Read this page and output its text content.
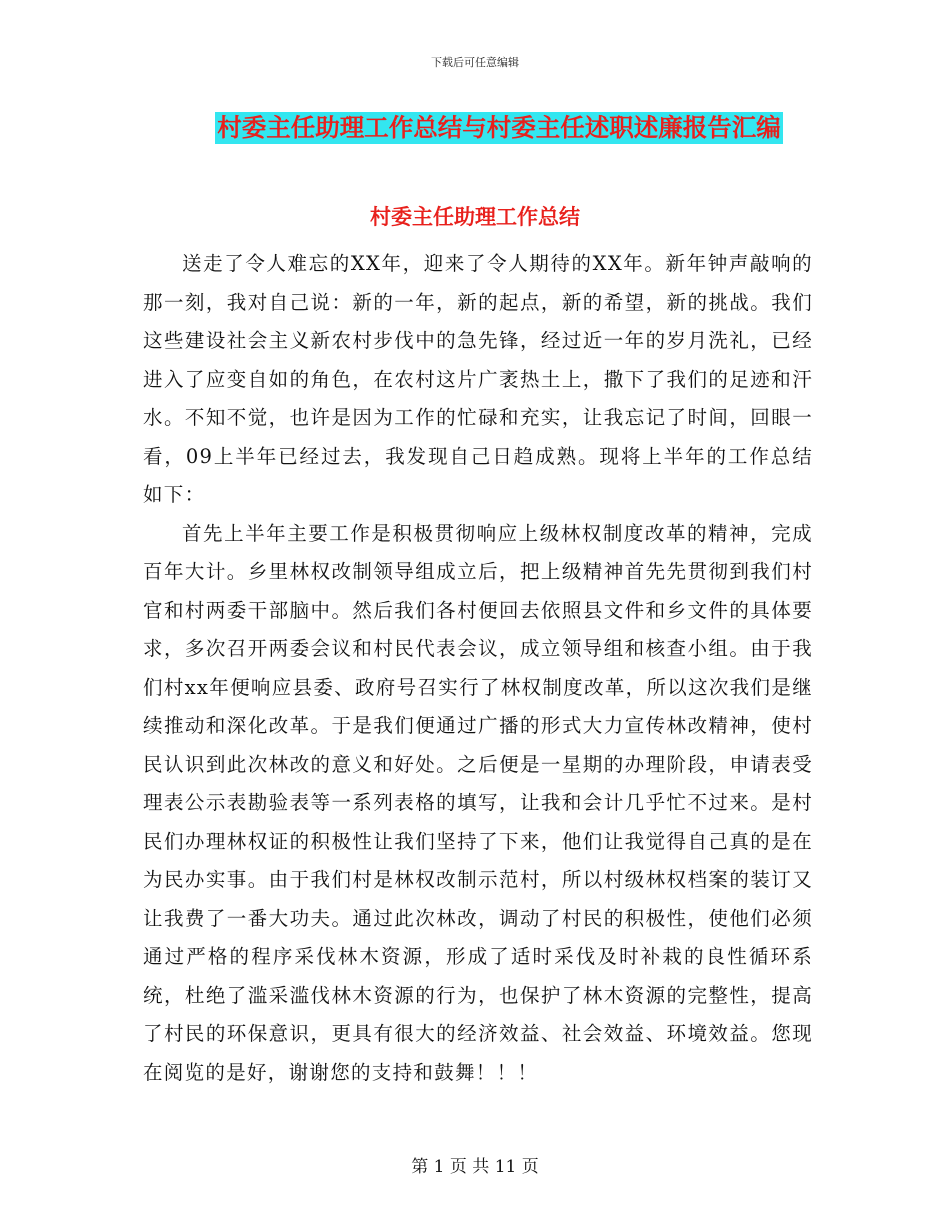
下载后可任意编辑
村委主任助理工作总结与村委主任述职述廉报告汇编
村委主任助理工作总结

送走了令人难忘的XX年，迎来了令人期待的XX年。新年钟声敲响的那一刻，我对自己说：新的一年，新的起点，新的希望，新的挑战。我们这些建设社会主义新农村步伐中的急先锋，经过近一年的岁月洗礼，已经进入了应变自如的角色，在农村这片广袤热土上，撒下了我们的足迹和汗水。不知不觉，也许是因为工作的忙碌和充实，让我忘记了时间，回眼一看，09上半年已经过去，我发现自己日趋成熟。现将上半年的工作总结如下：

首先上半年主要工作是积极贯彻响应上级林权制度改革的精神，完成百年大计。乡里林权改制领导组成立后，把上级精神首先先贯彻到我们村官和村两委干部脑中。然后我们各村便回去依照县文件和乡文件的具体要求，多次召开两委会议和村民代表会议，成立领导组和核查小组。由于我们村xx年便响应县委、政府号召实行了林权制度改革，所以这次我们是继续推动和深化改革。于是我们便通过广播的形式大力宣传林改精神，使村民认识到此次林改的意义和好处。之后便是一星期的办理阶段，申请表受理表公示表勘验表等一系列表格的填写，让我和会计几乎忙不过来。是村民们办理林权证的积极性让我们坚持了下来，他们让我觉得自己真的是在为民办实事。由于我们村是林权改制示范村，所以村级林权档案的装订又让我费了一番大功夫。通过此次林改，调动了村民的积极性，使他们必须通过严格的程序采伐林木资源，形成了适时采伐及时补栽的良性循环系统，杜绝了滥采滥伐林木资源的行为，也保护了林木资源的完整性，提高了村民的环保意识，更具有很大的经济效益、社会效益、环境效益。您现在阅览的是好，谢谢您的支持和鼓舞！！！

第 1 页 共 11 页
